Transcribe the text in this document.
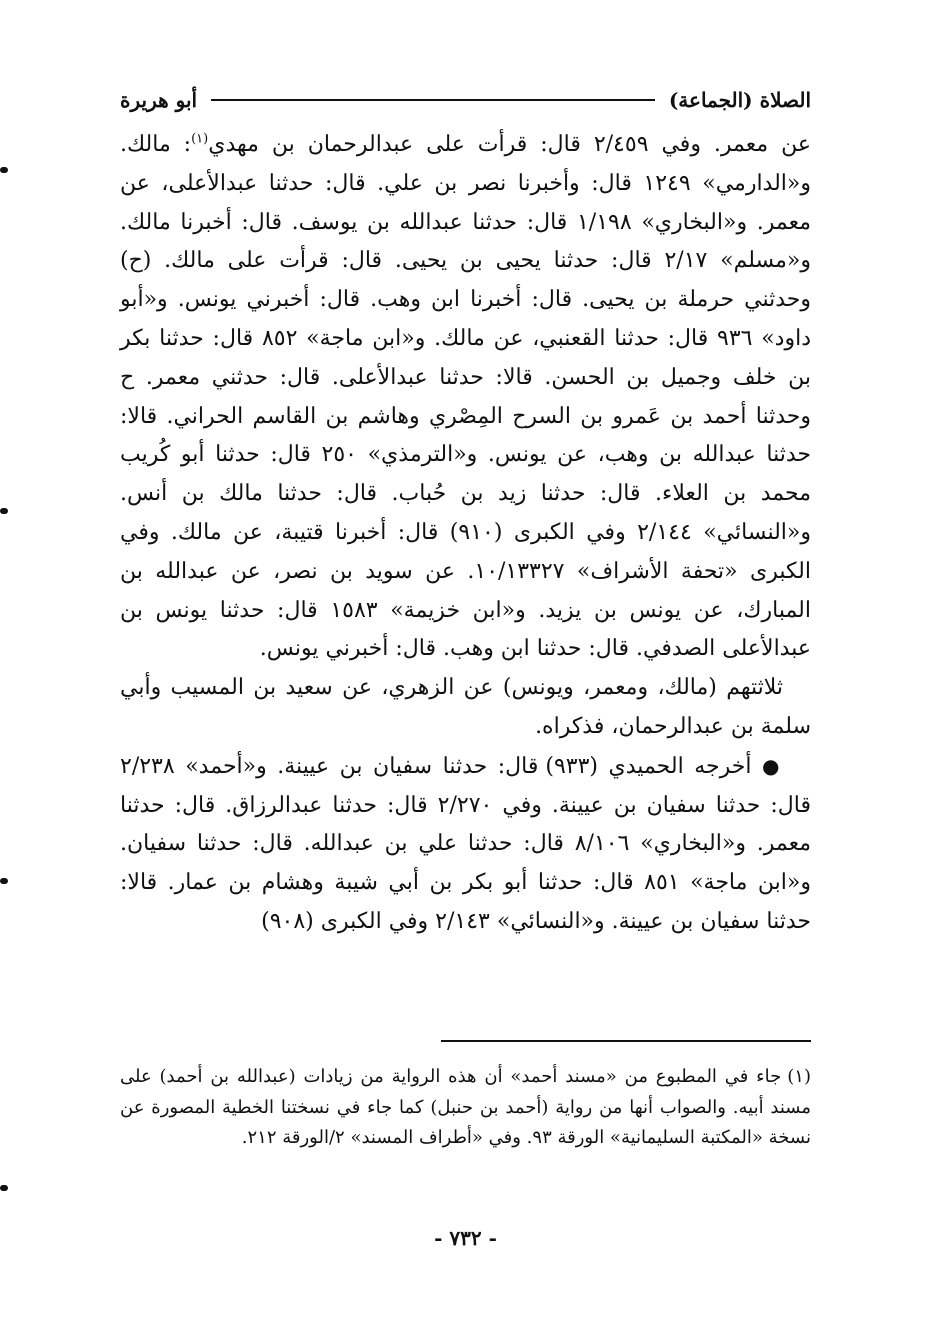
الصلاة (الجماعة)
أبو هريرة

عن معمر. وفي ٢/٤٥٩ قال: قرأت على عبدالرحمان بن مهدي$^{(١)}$: مالك. و«الدارمي» ١٢٤٩ قال: وأخبرنا نصر بن علي. قال: حدثنا عبدالأعلى، عن معمر. و«البخاري» ١/١٩٨ قال: حدثنا عبدالله بن يوسف. قال: أخبرنا مالك. و«مسلم» ٢/١٧ قال: حدثنا يحيى بن يحيى. قال: قرأت على مالك. (ح) وحدثني حرملة بن يحيى. قال: أخبرنا ابن وهب. قال: أخبرني يونس. و«أبو داود» ٩٣٦ قال: حدثنا القعنبي، عن مالك. و«ابن ماجة» ٨٥٢ قال: حدثنا بكر بن خلف وجميل بن الحسن. قالا: حدثنا عبدالأعلى. قال: حدثني معمر. ح وحدثنا أحمد بن عَمرو بن السرح المِصْري وهاشم بن القاسم الحراني. قالا: حدثنا عبدالله بن وهب، عن يونس. و«الترمذي» ٢٥٠ قال: حدثنا أبو كُريب محمد بن العلاء. قال: حدثنا زيد بن حُباب. قال: حدثنا مالك بن أنس. و«النسائي» ٢/١٤٤ وفي الكبرى (٩١٠) قال: أخبرنا قتيبة، عن مالك. وفي الكبرى «تحفة الأشراف» ١٠/١٣٣٢٧. عن سويد بن نصر، عن عبدالله بن المبارك، عن يونس بن يزيد. و«ابن خزيمة» ١٥٨٣ قال: حدثنا يونس بن عبدالأعلى الصدفي. قال: حدثنا ابن وهب. قال: أخبرني يونس.

ثلاثتهم (مالك، ومعمر، ويونس) عن الزهري، عن سعيد بن المسيب وأبي سلمة بن عبدالرحمان، فذكراه.

● أخرجه الحميدي (٩٣٣) قال: حدثنا سفيان بن عيينة. و«أحمد» ٢/٢٣٨ قال: حدثنا سفيان بن عيينة. وفي ٢/٢٧٠ قال: حدثنا عبدالرزاق. قال: حدثنا معمر. و«البخاري» ٨/١٠٦ قال: حدثنا علي بن عبدالله. قال: حدثنا سفيان. و«ابن ماجة» ٨٥١ قال: حدثنا أبو بكر بن أبي شيبة وهشام بن عمار. قالا: حدثنا سفيان بن عيينة. و«النسائي» ٢/١٤٣ وفي الكبرى (٩٠٨)

(١)جاء في المطبوع من «مسند أحمد» أن هذه الرواية من زيادات (عبدالله بن أحمد) على مسند أبيه. والصواب أنها من رواية (أحمد بن حنبل) كما جاء في نسختنا الخطية المصورة عن نسخة «المكتبة السليمانية» الورقة ٩٣. وفي «أطراف المسند» ٢/الورقة ٢١٢.
- ٧٣٢ -
